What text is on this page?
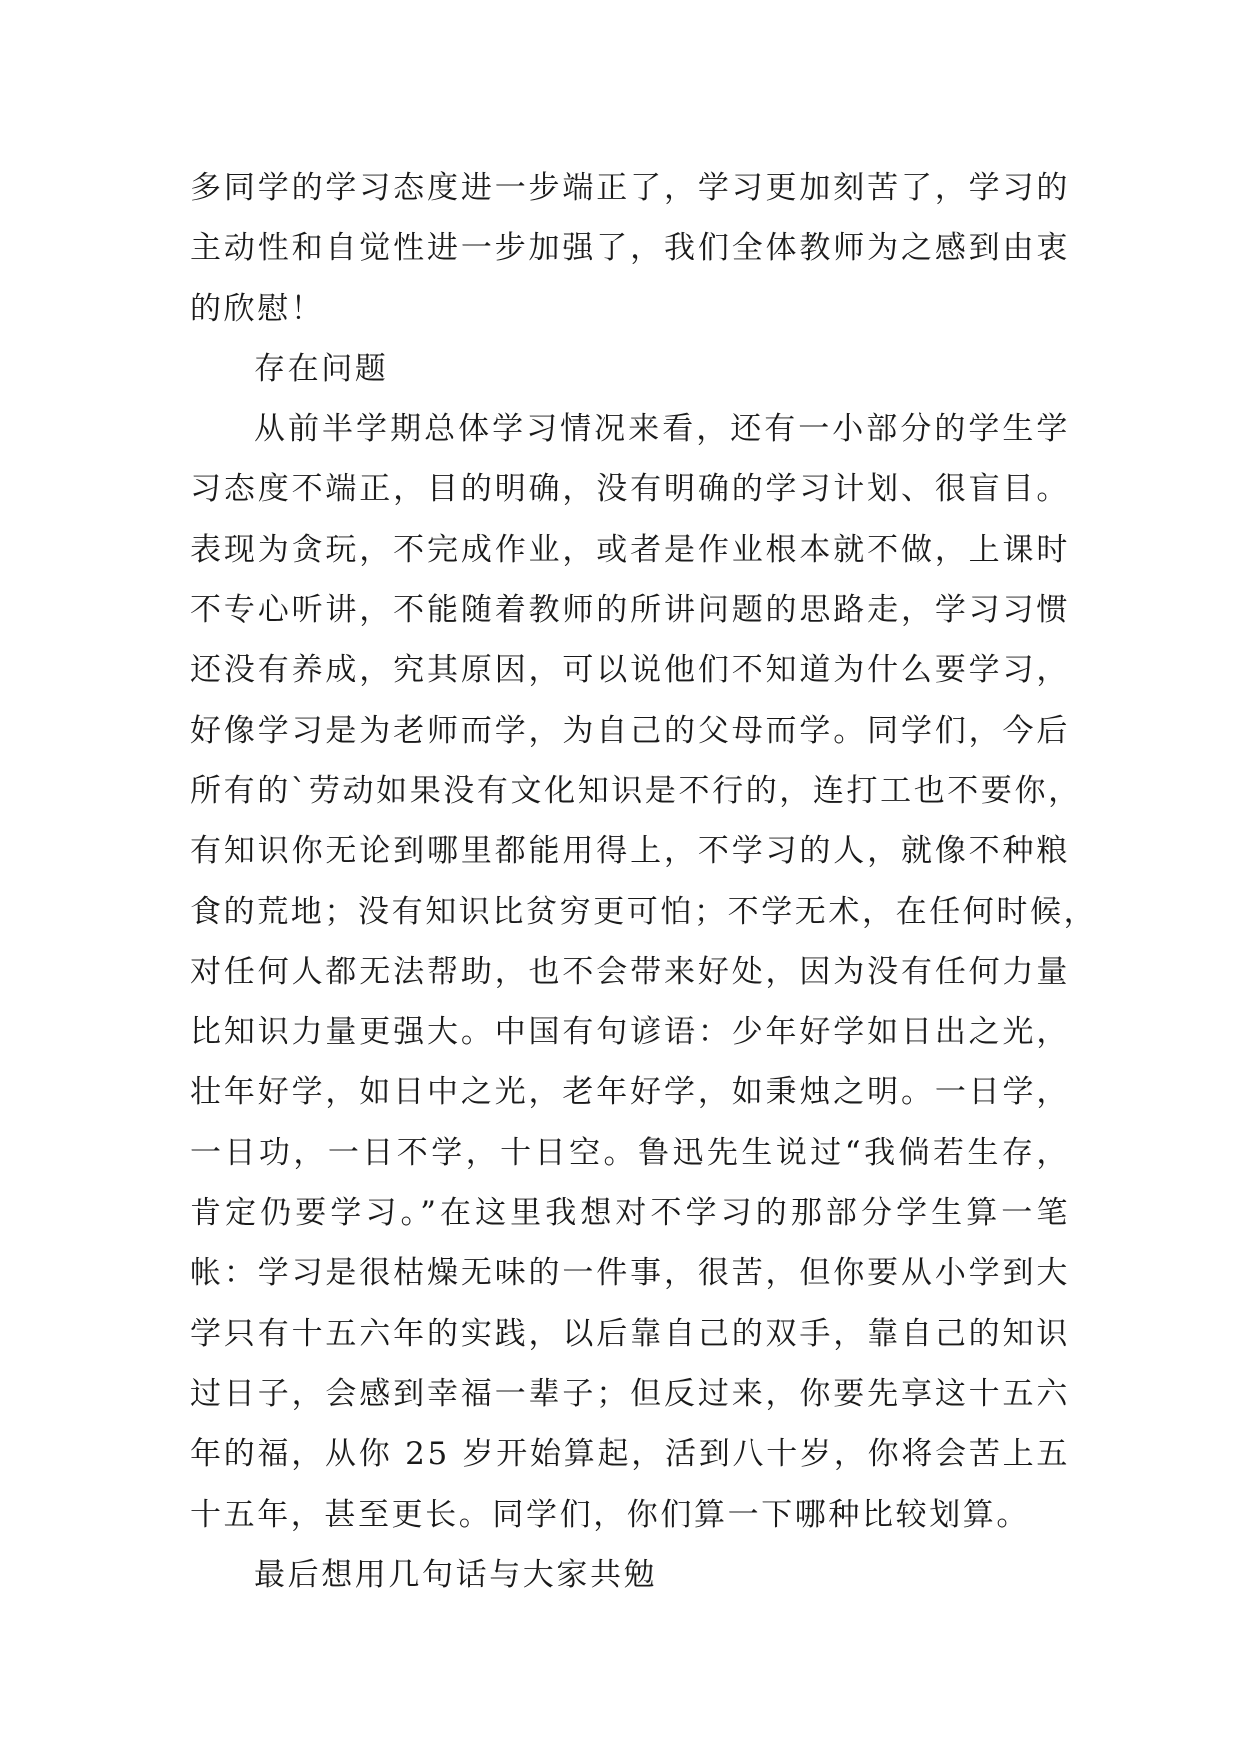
多同学的学习态度进一步端正了，学习更加刻苦了，学习的
主动性和自觉性进一步加强了，我们全体教师为之感到由衷
的欣慰！
存在问题
从前半学期总体学习情况来看，还有一小部分的学生学
习态度不端正，目的明确，没有明确的学习计划、很盲目。
表现为贪玩，不完成作业，或者是作业根本就不做，上课时
不专心听讲，不能随着教师的所讲问题的思路走，学习习惯
还没有养成，究其原因，可以说他们不知道为什么要学习，
好像学习是为老师而学，为自己的父母而学。同学们，今后
所有的`劳动如果没有文化知识是不行的，连打工也不要你，
有知识你无论到哪里都能用得上，不学习的人，就像不种粮
食的荒地；没有知识比贫穷更可怕；不学无术，在任何时候，
对任何人都无法帮助，也不会带来好处，因为没有任何力量
比知识力量更强大。中国有句谚语：少年好学如日出之光，
壮年好学，如日中之光，老年好学，如秉烛之明。一日学，
一日功，一日不学，十日空。鲁迅先生说过“我倘若生存，
肯定仍要学习。”在这里我想对不学习的那部分学生算一笔
帐：学习是很枯燥无味的一件事，很苦，但你要从小学到大
学只有十五六年的实践，以后靠自己的双手，靠自己的知识
过日子，会感到幸福一辈子；但反过来，你要先享这十五六
年的福，从你 25 岁开始算起，活到八十岁，你将会苦上五
十五年，甚至更长。同学们，你们算一下哪种比较划算。
最后想用几句话与大家共勉
